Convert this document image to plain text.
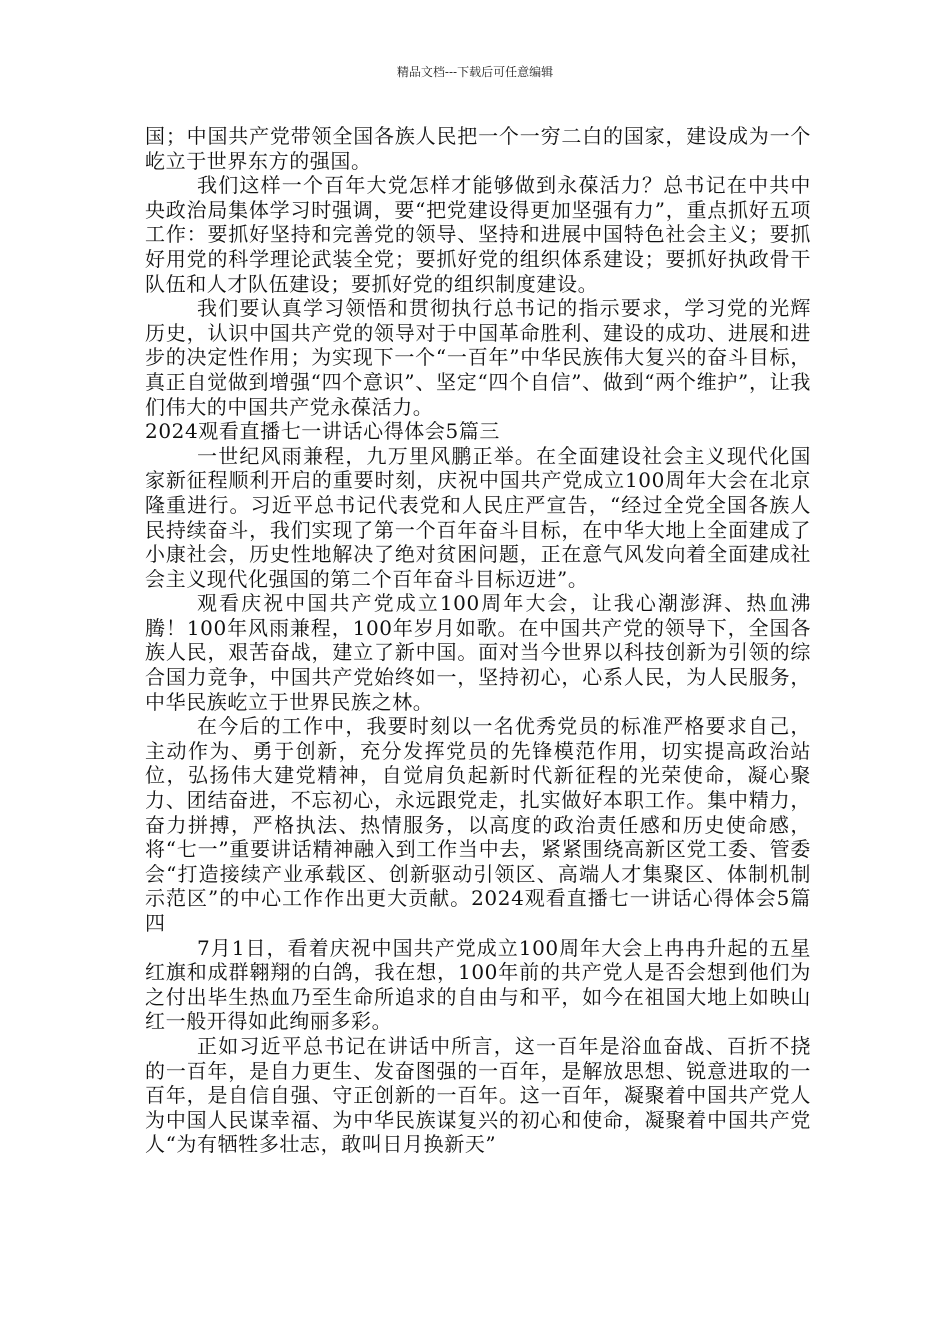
精品文档---下载后可任意编辑

国；中国共产党带领全国各族人民把一个一穷二白的国家，建设成为一个屹立于世界东方的强国。

我们这样一个百年大党怎样才能够做到永葆活力？总书记在中共中央政治局集体学习时强调，要“把党建设得更加坚强有力”，重点抓好五项工作：要抓好坚持和完善党的领导、坚持和进展中国特色社会主义；要抓好用党的科学理论武装全党；要抓好党的组织体系建设；要抓好执政骨干队伍和人才队伍建设；要抓好党的组织制度建设。

我们要认真学习领悟和贯彻执行总书记的指示要求，学习党的光辉历史，认识中国共产党的领导对于中国革命胜利、建设的成功、进展和进步的决定性作用；为实现下一个“一百年”中华民族伟大复兴的奋斗目标，真正自觉做到增强“四个意识”、坚定“四个自信”、做到“两个维护”，让我们伟大的中国共产党永葆活力。

2024观看直播七一讲话心得体会5篇三

一世纪风雨兼程，九万里风鹏正举。在全面建设社会主义现代化国家新征程顺利开启的重要时刻，庆祝中国共产党成立100周年大会在北京隆重进行。习近平总书记代表党和人民庄严宣告，“经过全党全国各族人民持续奋斗，我们实现了第一个百年奋斗目标，在中华大地上全面建成了小康社会，历史性地解决了绝对贫困问题，正在意气风发向着全面建成社会主义现代化强国的第二个百年奋斗目标迈进”。

观看庆祝中国共产党成立100周年大会，让我心潮澎湃、热血沸腾！100年风雨兼程，100年岁月如歌。在中国共产党的领导下，全国各族人民，艰苦奋战，建立了新中国。面对当今世界以科技创新为引领的综合国力竞争，中国共产党始终如一，坚持初心，心系人民，为人民服务，中华民族屹立于世界民族之林。

在今后的工作中，我要时刻以一名优秀党员的标准严格要求自己，主动作为、勇于创新，充分发挥党员的先锋模范作用，切实提高政治站位，弘扬伟大建党精神，自觉肩负起新时代新征程的光荣使命，凝心聚力、团结奋进，不忘初心，永远跟党走，扎实做好本职工作。集中精力，奋力拼搏，严格执法、热情服务，以高度的政治责任感和历史使命感，将“七一”重要讲话精神融入到工作当中去，紧紧围绕高新区党工委、管委会“打造接续产业承载区、创新驱动引领区、高端人才集聚区、体制机制示范区”的中心工作作出更大贡献。2024观看直播七一讲话心得体会5篇四

7月1日，看着庆祝中国共产党成立100周年大会上冉冉升起的五星红旗和成群翱翔的白鸽，我在想，100年前的共产党人是否会想到他们为之付出毕生热血乃至生命所追求的自由与和平，如今在祖国大地上如映山红一般开得如此绚丽多彩。

正如习近平总书记在讲话中所言，这一百年是浴血奋战、百折不挠的一百年，是自力更生、发奋图强的一百年，是解放思想、锐意进取的一百年，是自信自强、守正创新的一百年。这一百年，凝聚着中国共产党人为中国人民谋幸福、为中华民族谋复兴的初心和使命，凝聚着中国共产党人“为有牺牲多壮志，敢叫日月换新天”
